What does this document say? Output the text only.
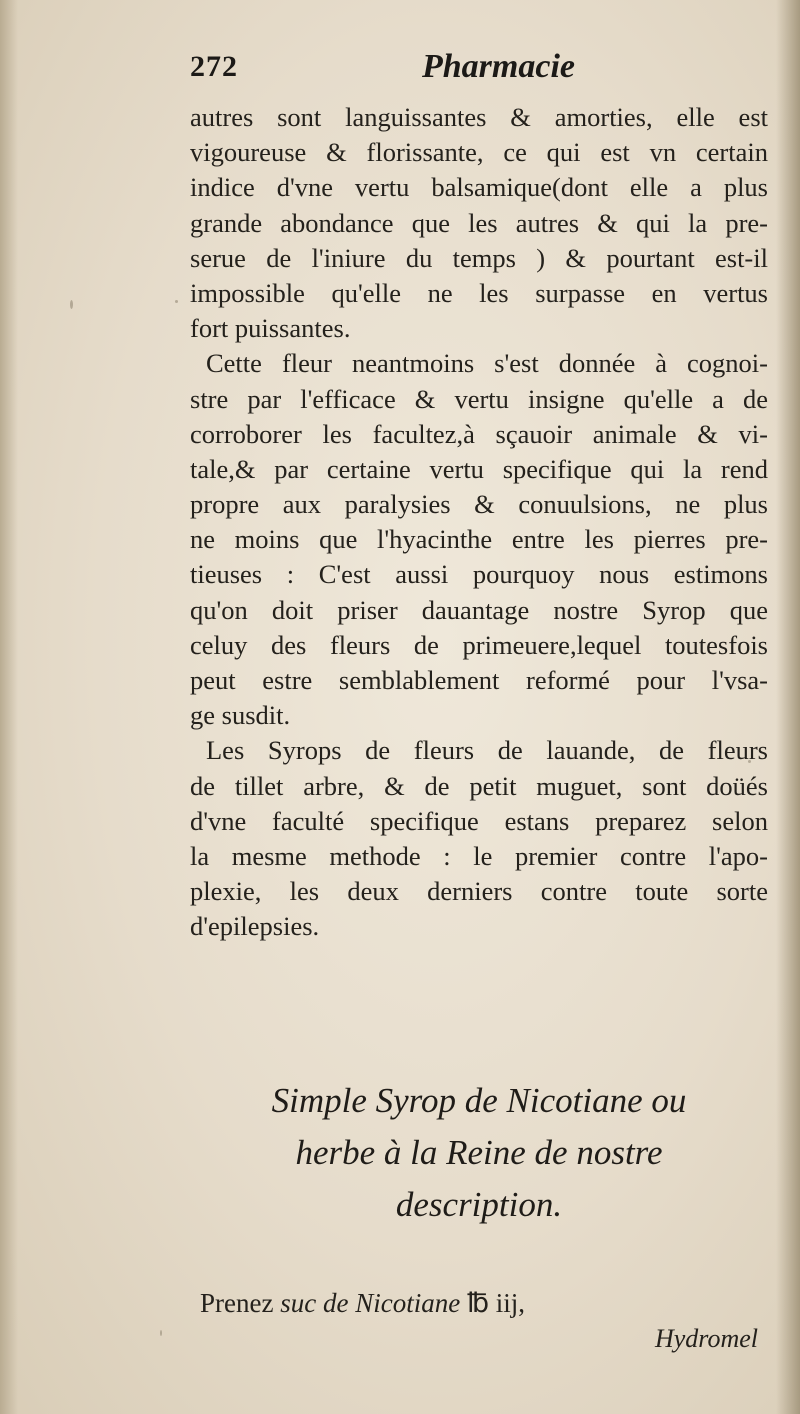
272	Pharmacie
autres sont languissantes & amorties, elle est
vigoureuse & florissante, ce qui est vn certain
indice d'vne vertu balsamique(dont elle a plus
grande abondance que les autres & qui la pre-
serue de l'iniure du temps ) & pourtant est-il
impossible qu'elle ne les surpasse en vertus
fort puissantes.
Cette fleur neantmoins s'est donnée à cognoi-
stre par l'efficace & vertu insigne qu'elle a de
corroborer les facultez,à sçauoir animale & vi-
tale,& par certaine vertu specifique qui la rend
propre aux paralysies & conuulsions, ne plus
ne moins que l'hyacinthe entre les pierres pre-
tieuses : C'est aussi pourquoy nous estimons
qu'on doit priser dauantage nostre Syrop que
celuy des fleurs de primeuere,lequel toutesfois
peut estre semblablement reformé pour l'vsa-
ge susdit.
Les Syrops de fleurs de lauande, de fleurs
de tillet arbre, & de petit muguet, sont doüés
d'vne faculté specifique estans preparez selon
la mesme methode : le premier contre l'apo-
plexie, les deux derniers contre toute sorte
d'epilepsies.
Simple Syrop de Nicotiane ou
herbe à la Reine de nostre
description.
Prenez suc de Nicotiane ℔ iij,
Hydromel
